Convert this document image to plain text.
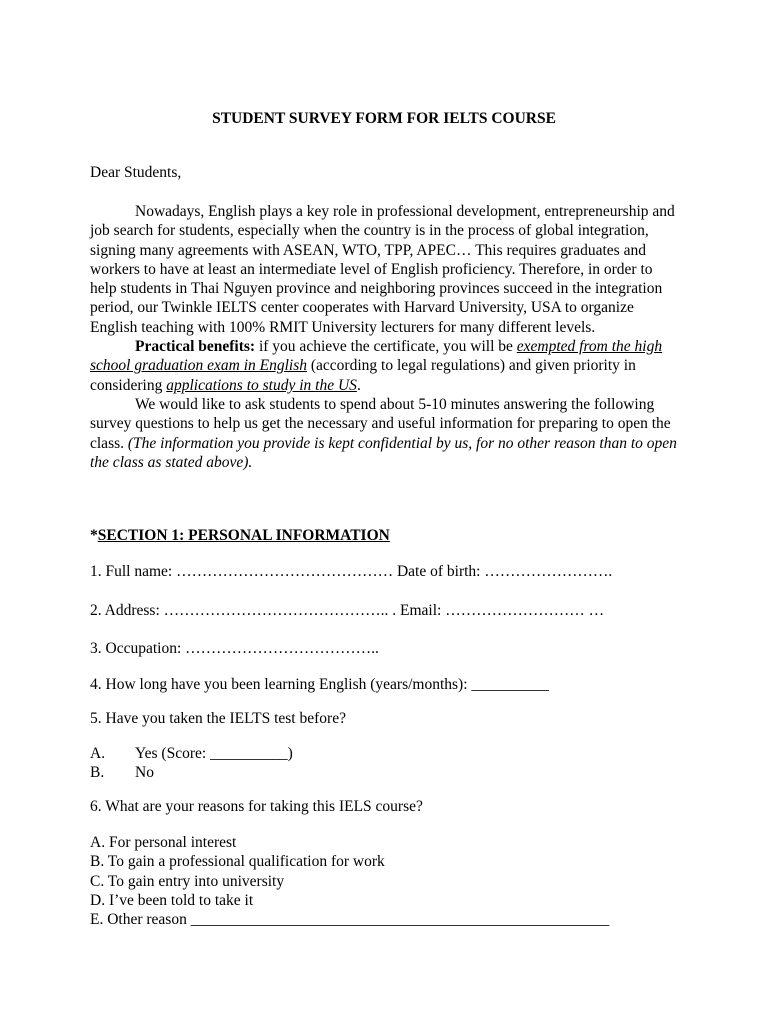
STUDENT SURVEY FORM FOR IELTS COURSE

Dear Students,

Nowadays, English plays a key role in professional development, entrepreneurship and job search for students, especially when the country is in the process of global integration, signing many agreements with ASEAN, WTO, TPP, APEC… This requires graduates and workers to have at least an intermediate level of English proficiency. Therefore, in order to help students in Thai Nguyen province and neighboring provinces succeed in the integration period, our Twinkle IELTS center cooperates with Harvard University, USA to organize English teaching with 100% RMIT University lecturers for many different levels.

Practical benefits: if you achieve the certificate, you will be exempted from the high school graduation exam in English (according to legal regulations) and given priority in considering applications to study in the US.

We would like to ask students to spend about 5-10 minutes answering the following survey questions to help us get the necessary and useful information for preparing to open the class. (The information you provide is kept confidential by us, for no other reason than to open the class as stated above).

*SECTION 1: PERSONAL INFORMATION

1. Full name: …………………………………… Date of birth: …………………….

2. Address: …………………………………….. . Email: ……………………… …

3. Occupation: ………………………………..

4. How long have you been learning English (years/months): __________

5. Have you taken the IELTS test before?

A.	Yes (Score: __________)
B.	No

6. What are your reasons for taking this IELS course?

A. For personal interest

B. To gain a professional qualification for work

C. To gain entry into university

D. I’ve been told to take it

E. Other reason ______________________________________________________
